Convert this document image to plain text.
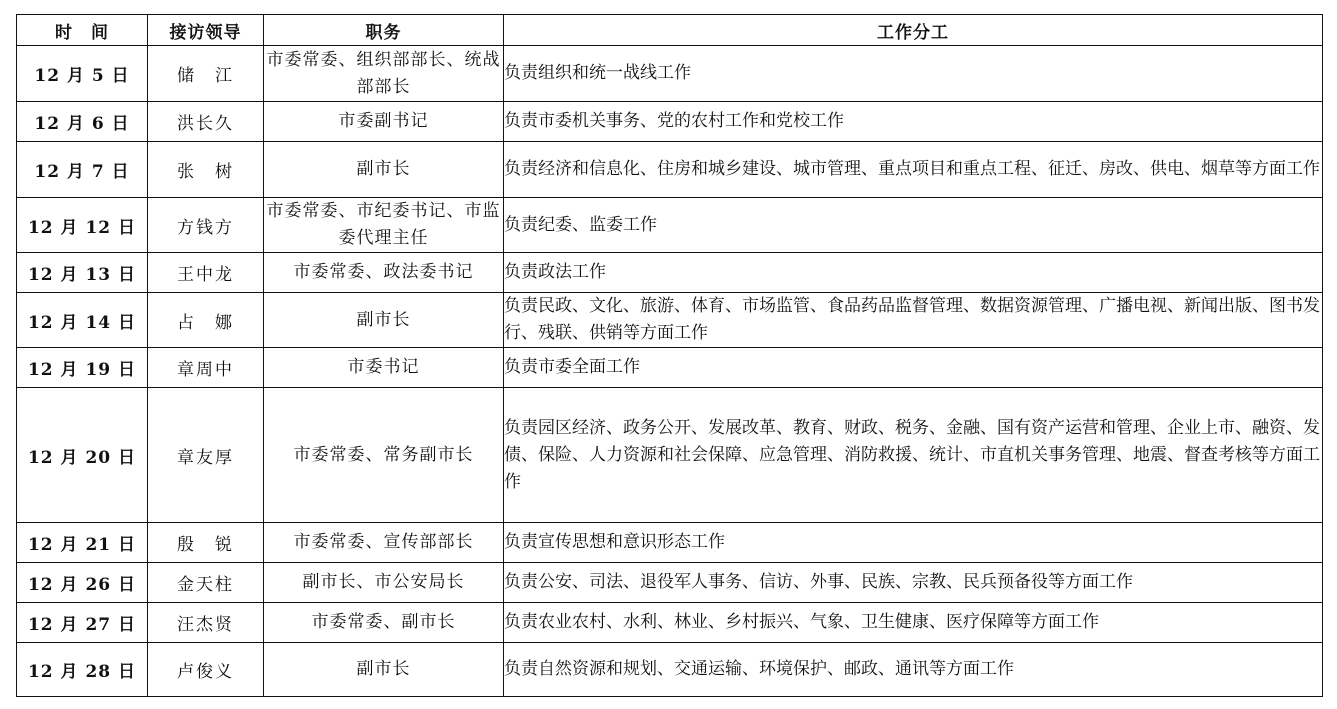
时　间	接访领导	职务	工作分工
12 月 5 日	储　江	市委常委、组织部部长、统战部部长	负责组织和统一战线工作
12 月 6 日	洪长久	市委副书记	负责市委机关事务、党的农村工作和党校工作
12 月 7 日	张　树	副市长	负责经济和信息化、住房和城乡建设、城市管理、重点项目和重点工程、征迁、房改、供电、烟草等方面工作
12 月 12 日	方钱方	市委常委、市纪委书记、市监委代理主任	负责纪委、监委工作
12 月 13 日	王中龙	市委常委、政法委书记	负责政法工作
12 月 14 日	占　娜	副市长	负责民政、文化、旅游、体育、市场监管、食品药品监督管理、数据资源管理、广播电视、新闻出版、图书发行、残联、供销等方面工作
12 月 19 日	章周中	市委书记	负责市委全面工作
12 月 20 日	章友厚	市委常委、常务副市长	负责园区经济、政务公开、发展改革、教育、财政、税务、金融、国有资产运营和管理、企业上市、融资、发债、保险、人力资源和社会保障、应急管理、消防救援、统计、市直机关事务管理、地震、督查考核等方面工作
12 月 21 日	殷　锐	市委常委、宣传部部长	负责宣传思想和意识形态工作
12 月 26 日	金天柱	副市长、市公安局长	负责公安、司法、退役军人事务、信访、外事、民族、宗教、民兵预备役等方面工作
12 月 27 日	汪杰贤	市委常委、副市长	负责农业农村、水利、林业、乡村振兴、气象、卫生健康、医疗保障等方面工作
12 月 28 日	卢俊义	副市长	负责自然资源和规划、交通运输、环境保护、邮政、通讯等方面工作
